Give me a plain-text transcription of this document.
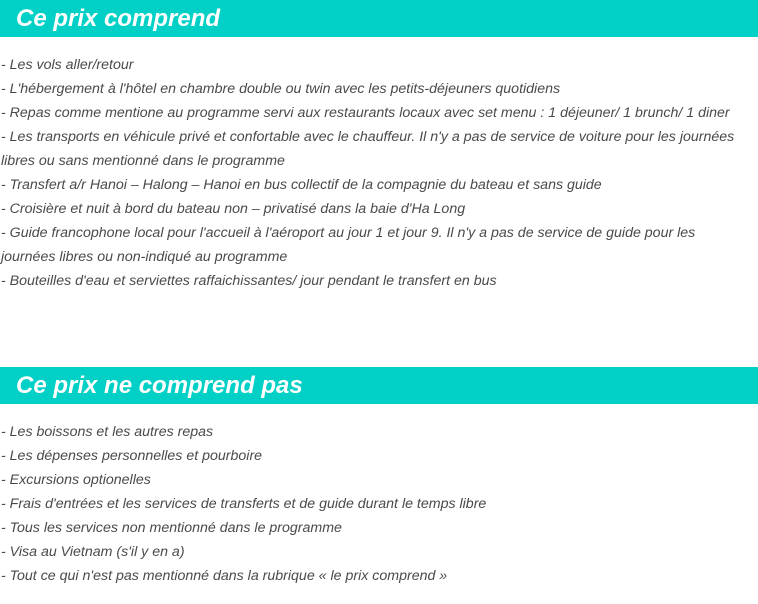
Ce prix comprend
- Les vols aller/retour
- L'hébergement à l'hôtel en chambre double ou twin avec les petits-déjeuners quotidiens
- Repas comme mentione au programme servi aux restaurants locaux avec set menu : 1 déjeuner/ 1 brunch/ 1 diner
- Les transports en véhicule privé et confortable avec le chauffeur. Il n'y a pas de service de voiture pour les journées libres ou sans mentionné dans le programme
- Transfert a/r Hanoi – Halong – Hanoi en bus collectif de la compagnie du bateau et sans guide
- Croisière et nuit à bord du bateau non – privatisé dans la baie d'Ha Long
- Guide francophone local pour l'accueil à l'aéroport au jour 1 et jour 9. Il n'y a pas de service de guide pour les journées libres ou non-indiqué au programme
- Bouteilles d'eau et serviettes raffaichissantes/ jour pendant le transfert en bus
Ce prix ne comprend pas
- Les boissons et les autres repas
- Les dépenses personnelles et pourboire
- Excursions optionelles
- Frais d'entrées et les services de transferts et de guide durant le temps libre
- Tous les services non mentionné dans le programme
- Visa au Vietnam (s'il y en a)
- Tout ce qui n'est pas mentionné dans la rubrique « le prix comprend »
